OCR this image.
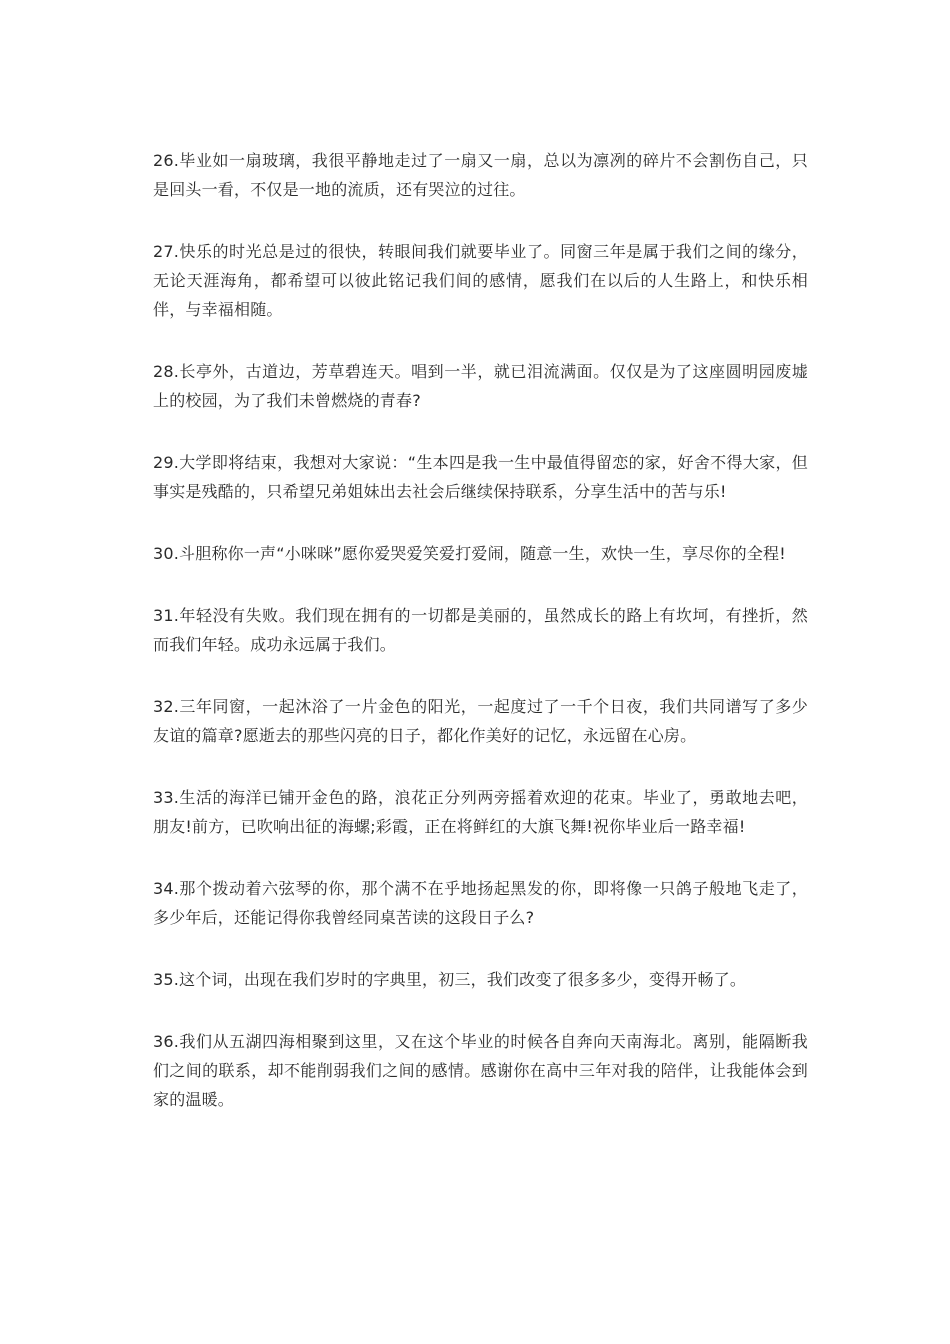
26.毕业如一扇玻璃，我很平静地走过了一扇又一扇，总以为凛冽的碎片不会割伤自己，只是回头一看，不仅是一地的流质，还有哭泣的过往。

27.快乐的时光总是过的很快，转眼间我们就要毕业了。同窗三年是属于我们之间的缘分，无论天涯海角，都希望可以彼此铭记我们间的感情，愿我们在以后的人生路上，和快乐相伴，与幸福相随。

28.长亭外，古道边，芳草碧连天。唱到一半，就已泪流满面。仅仅是为了这座圆明园废墟上的校园，为了我们未曾燃烧的青春?

29.大学即将结束，我想对大家说：“生本四是我一生中最值得留恋的家，好舍不得大家，但事实是残酷的，只希望兄弟姐妹出去社会后继续保持联系，分享生活中的苦与乐!

30.斗胆称你一声“小咪咪”愿你爱哭爱笑爱打爱闹，随意一生，欢快一生，享尽你的全程!

31.年轻没有失败。我们现在拥有的一切都是美丽的，虽然成长的路上有坎坷，有挫折，然而我们年轻。成功永远属于我们。

32.三年同窗，一起沐浴了一片金色的阳光，一起度过了一千个日夜，我们共同谱写了多少友谊的篇章?愿逝去的那些闪亮的日子，都化作美好的记忆，永远留在心房。

33.生活的海洋已铺开金色的路，浪花正分列两旁摇着欢迎的花束。毕业了，勇敢地去吧，朋友!前方，已吹响出征的海螺;彩霞，正在将鲜红的大旗飞舞!祝你毕业后一路幸福!

34.那个拨动着六弦琴的你，那个满不在乎地扬起黑发的你，即将像一只鸽子般地飞走了，多少年后，还能记得你我曾经同桌苦读的这段日子么?

35.这个词，出现在我们岁时的字典里，初三，我们改变了很多多少，变得开畅了。

36.我们从五湖四海相聚到这里，又在这个毕业的时候各自奔向天南海北。离别，能隔断我们之间的联系，却不能削弱我们之间的感情。感谢你在高中三年对我的陪伴，让我能体会到家的温暖。
